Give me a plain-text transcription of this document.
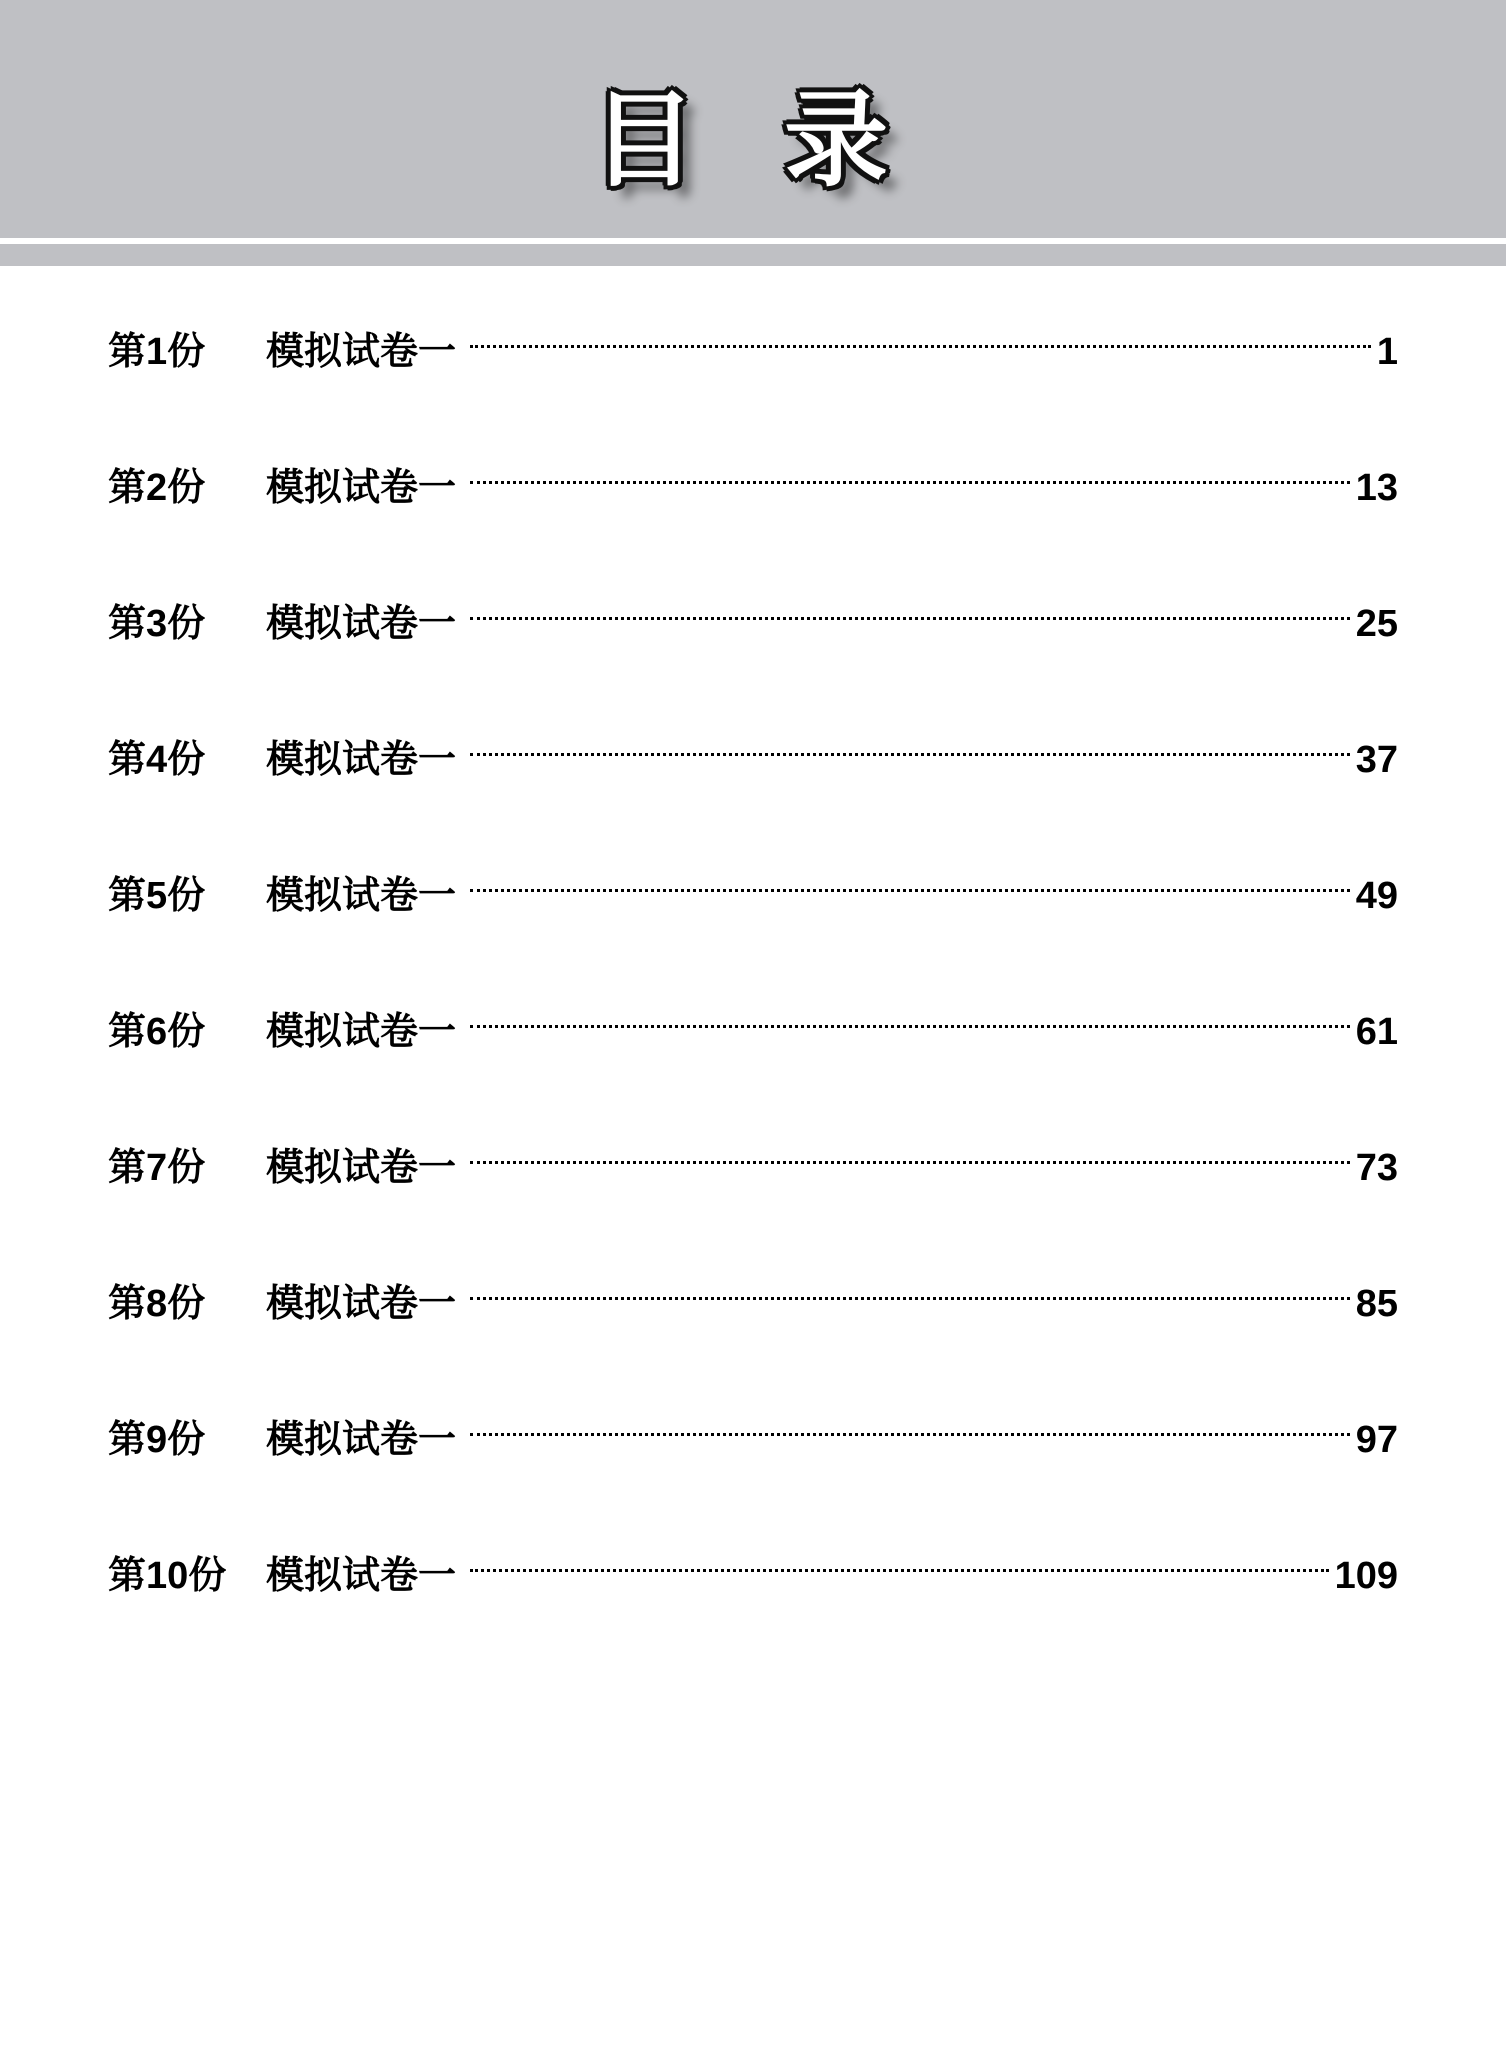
目 录
第1份	模拟试卷一	1
第2份	模拟试卷一	13
第3份	模拟试卷一	25
第4份	模拟试卷一	37
第5份	模拟试卷一	49
第6份	模拟试卷一	61
第7份	模拟试卷一	73
第8份	模拟试卷一	85
第9份	模拟试卷一	97
第10份	模拟试卷一	109
